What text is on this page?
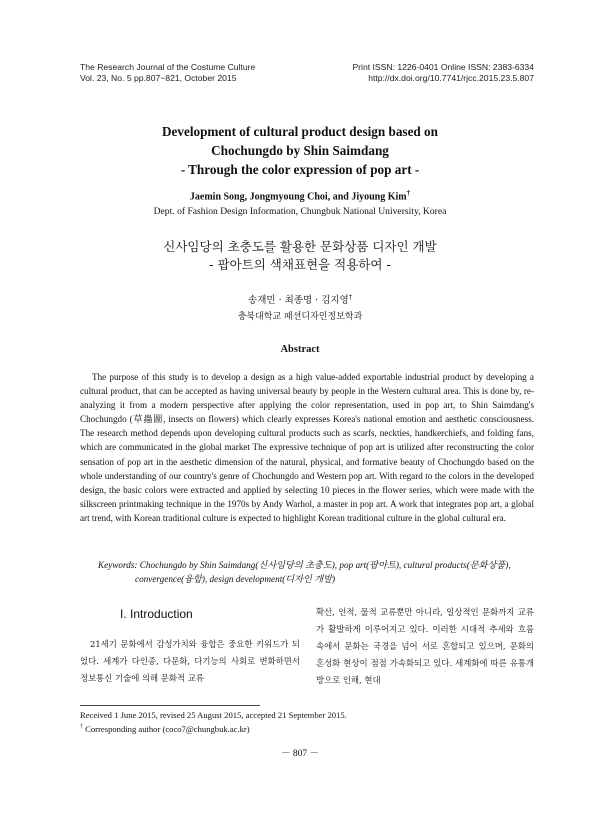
The Research Journal of the Costume Culture
Vol. 23, No. 5 pp.807~821, October 2015
Print ISSN: 1226-0401 Online ISSN: 2383-6334
http://dx.doi.org/10.7741/rjcc.2015.23.5.807
Development of cultural product design based on
Chochungdo by Shin Saimdang
- Through the color expression of pop art -
Jaemin Song, Jongmyoung Choi, and Jiyoung Kim†
Dept. of Fashion Design Information, Chungbuk National University, Korea
신사임당의 초충도를 활용한 문화상품 디자인 개발
- 팝아트의 색채표현을 적용하여 -
송재민 · 최종명 · 김지영†
충북대학교 패션디자인정보학과
Abstract
The purpose of this study is to develop a design as a high value-added exportable industrial product by developing a cultural product, that can be accepted as having universal beauty by people in the Western cultural area. This is done by, re-analyzing it from a modern perspective after applying the color representation, used in pop art, to Shin Saimdang's Chochungdo (草蟲圖, insects on flowers) which clearly expresses Korea's national emotion and aesthetic consciousness. The research method depends upon developing cultural products such as scarfs, neckties, handkerchiefs, and folding fans, which are communicated in the global market The expressive technique of pop art is utilized after reconstructing the color sensation of pop art in the aesthetic dimension of the natural, physical, and formative beauty of Chochungdo based on the whole understanding of our country's genre of Chochungdo and Western pop art. With regard to the colors in the developed design, the basic colors were extracted and applied by selecting 10 pieces in the flower series, which were made with the silkscreen printmaking technique in the 1970s by Andy Warhol, a master in pop art. A work that integrates pop art, a global art trend, with Korean traditional culture is expected to highlight Korean traditional culture in the global cultural era.
Keywords: Chochungdo by Shin Saimdang(신사임당의 초충도), pop art(팝아트), cultural products(문화상품),
convergence(융합), design development(디자인 개발)
I. Introduction
21세기 문화에서 감성가치와 융합은 중요한 키워드가 되었다. 세계가 다인종, 다문화, 다기능의 사회로 변화하면서 정보통신 기술에 의해 문화적 교류
확산, 인적, 물적 교류뿐만 아니라, 일상적인 문화까지 교류가 활발하게 이루어지고 있다. 이러한 시대적 추세와 흐름 속에서 문화는 국경을 넘어 서로 혼합되고 있으며, 문화의 혼성화 현상이 점점 가속화되고 있다. 세계화에 따른 유통개방으로 인해, 현대
Received 1 June 2015, revised 25 August 2015, accepted 21 September 2015.
† Corresponding author (coco7@chungbuk.ac.kr)
－ 807 －
